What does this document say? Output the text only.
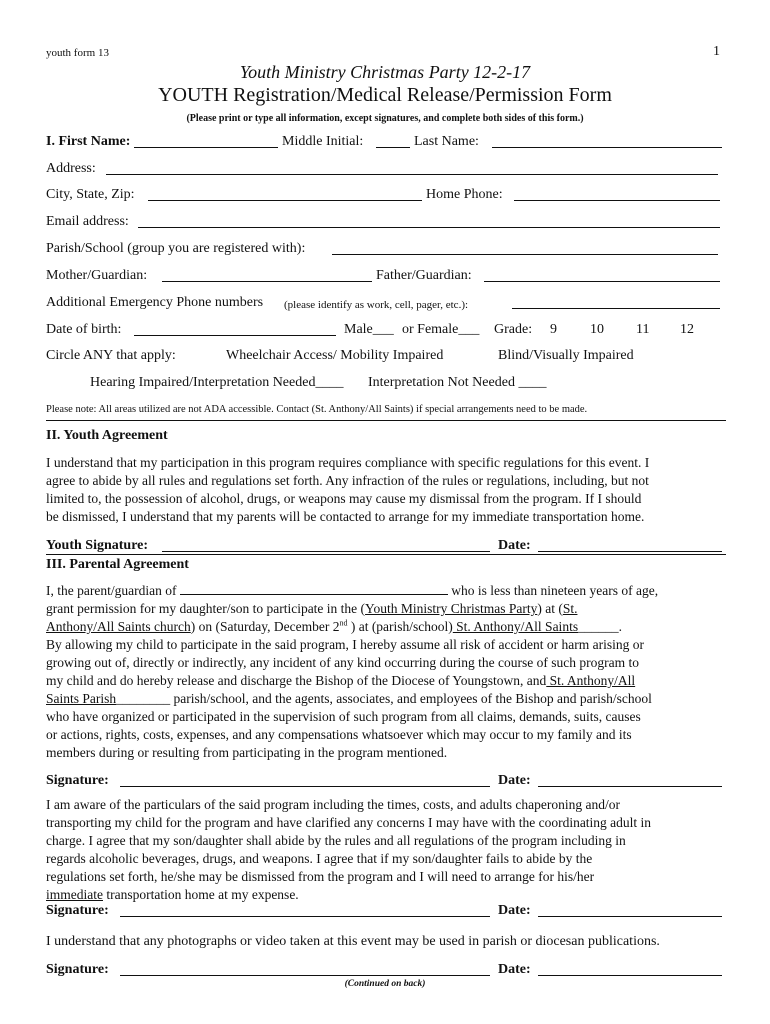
youth form 13	1
Youth Ministry Christmas Party 12-2-17
YOUTH Registration/Medical Release/Permission Form
(Please print or type all information, except signatures, and complete both sides of this form.)
I. First Name:	Middle Initial:	Last Name:
Address:
City, State, Zip:	Home Phone:
Email address:
Parish/School (group you are registered with):
Mother/Guardian:	Father/Guardian:
Additional Emergency Phone numbers (please identify as work, cell, pager, etc.):
Date of birth:	Male___ or Female___ Grade: 9 10 11 12
Circle ANY that apply:	Wheelchair Access/ Mobility Impaired	Blind/Visually Impaired
Hearing Impaired/Interpretation Needed____ Interpretation Not Needed ____
Please note: All areas utilized are not ADA accessible. Contact (St. Anthony/All Saints) if special arrangements need to be made.
II. Youth Agreement
I understand that my participation in this program requires compliance with specific regulations for this event. I
agree to abide by all rules and regulations set forth. Any infraction of the rules or regulations, including, but not
limited to, the possession of alcohol, drugs, or weapons may cause my dismissal from the program. If I should
be dismissed, I understand that my parents will be contacted to arrange for my immediate transportation home.
Youth Signature:	Date:
III. Parental Agreement
I, the parent/guardian of	who is less than nineteen years of age,
grant permission for my daughter/son to participate in the (Youth Ministry Christmas Party) at (St.
Anthony/All Saints church) on (Saturday, December 2nd ) at (parish/school) St. Anthony/All Saints______.
By allowing my child to participate in the said program, I hereby assume all risk of accident or harm arising or
growing out of, directly or indirectly, any incident of any kind occurring during the course of such program to
my child and do hereby release and discharge the Bishop of the Diocese of Youngstown, and St. Anthony/All
Saints Parish________ parish/school, and the agents, associates, and employees of the Bishop and parish/school
who have organized or participated in the supervision of such program from all claims, demands, suits, causes
or actions, rights, costs, expenses, and any compensations whatsoever which may occur to my family and its
members during or resulting from participating in the program mentioned.
Signature:	Date:
I am aware of the particulars of the said program including the times, costs, and adults chaperoning and/or
transporting my child for the program and have clarified any concerns I may have with the coordinating adult in
charge. I agree that my son/daughter shall abide by the rules and all regulations of the program including in
regards alcoholic beverages, drugs, and weapons. I agree that if my son/daughter fails to abide by the
regulations set forth, he/she may be dismissed from the program and I will need to arrange for his/her
immediate transportation home at my expense.
Signature:	Date:
I understand that any photographs or video taken at this event may be used in parish or diocesan publications.
Signature:	Date:
(Continued on back)
